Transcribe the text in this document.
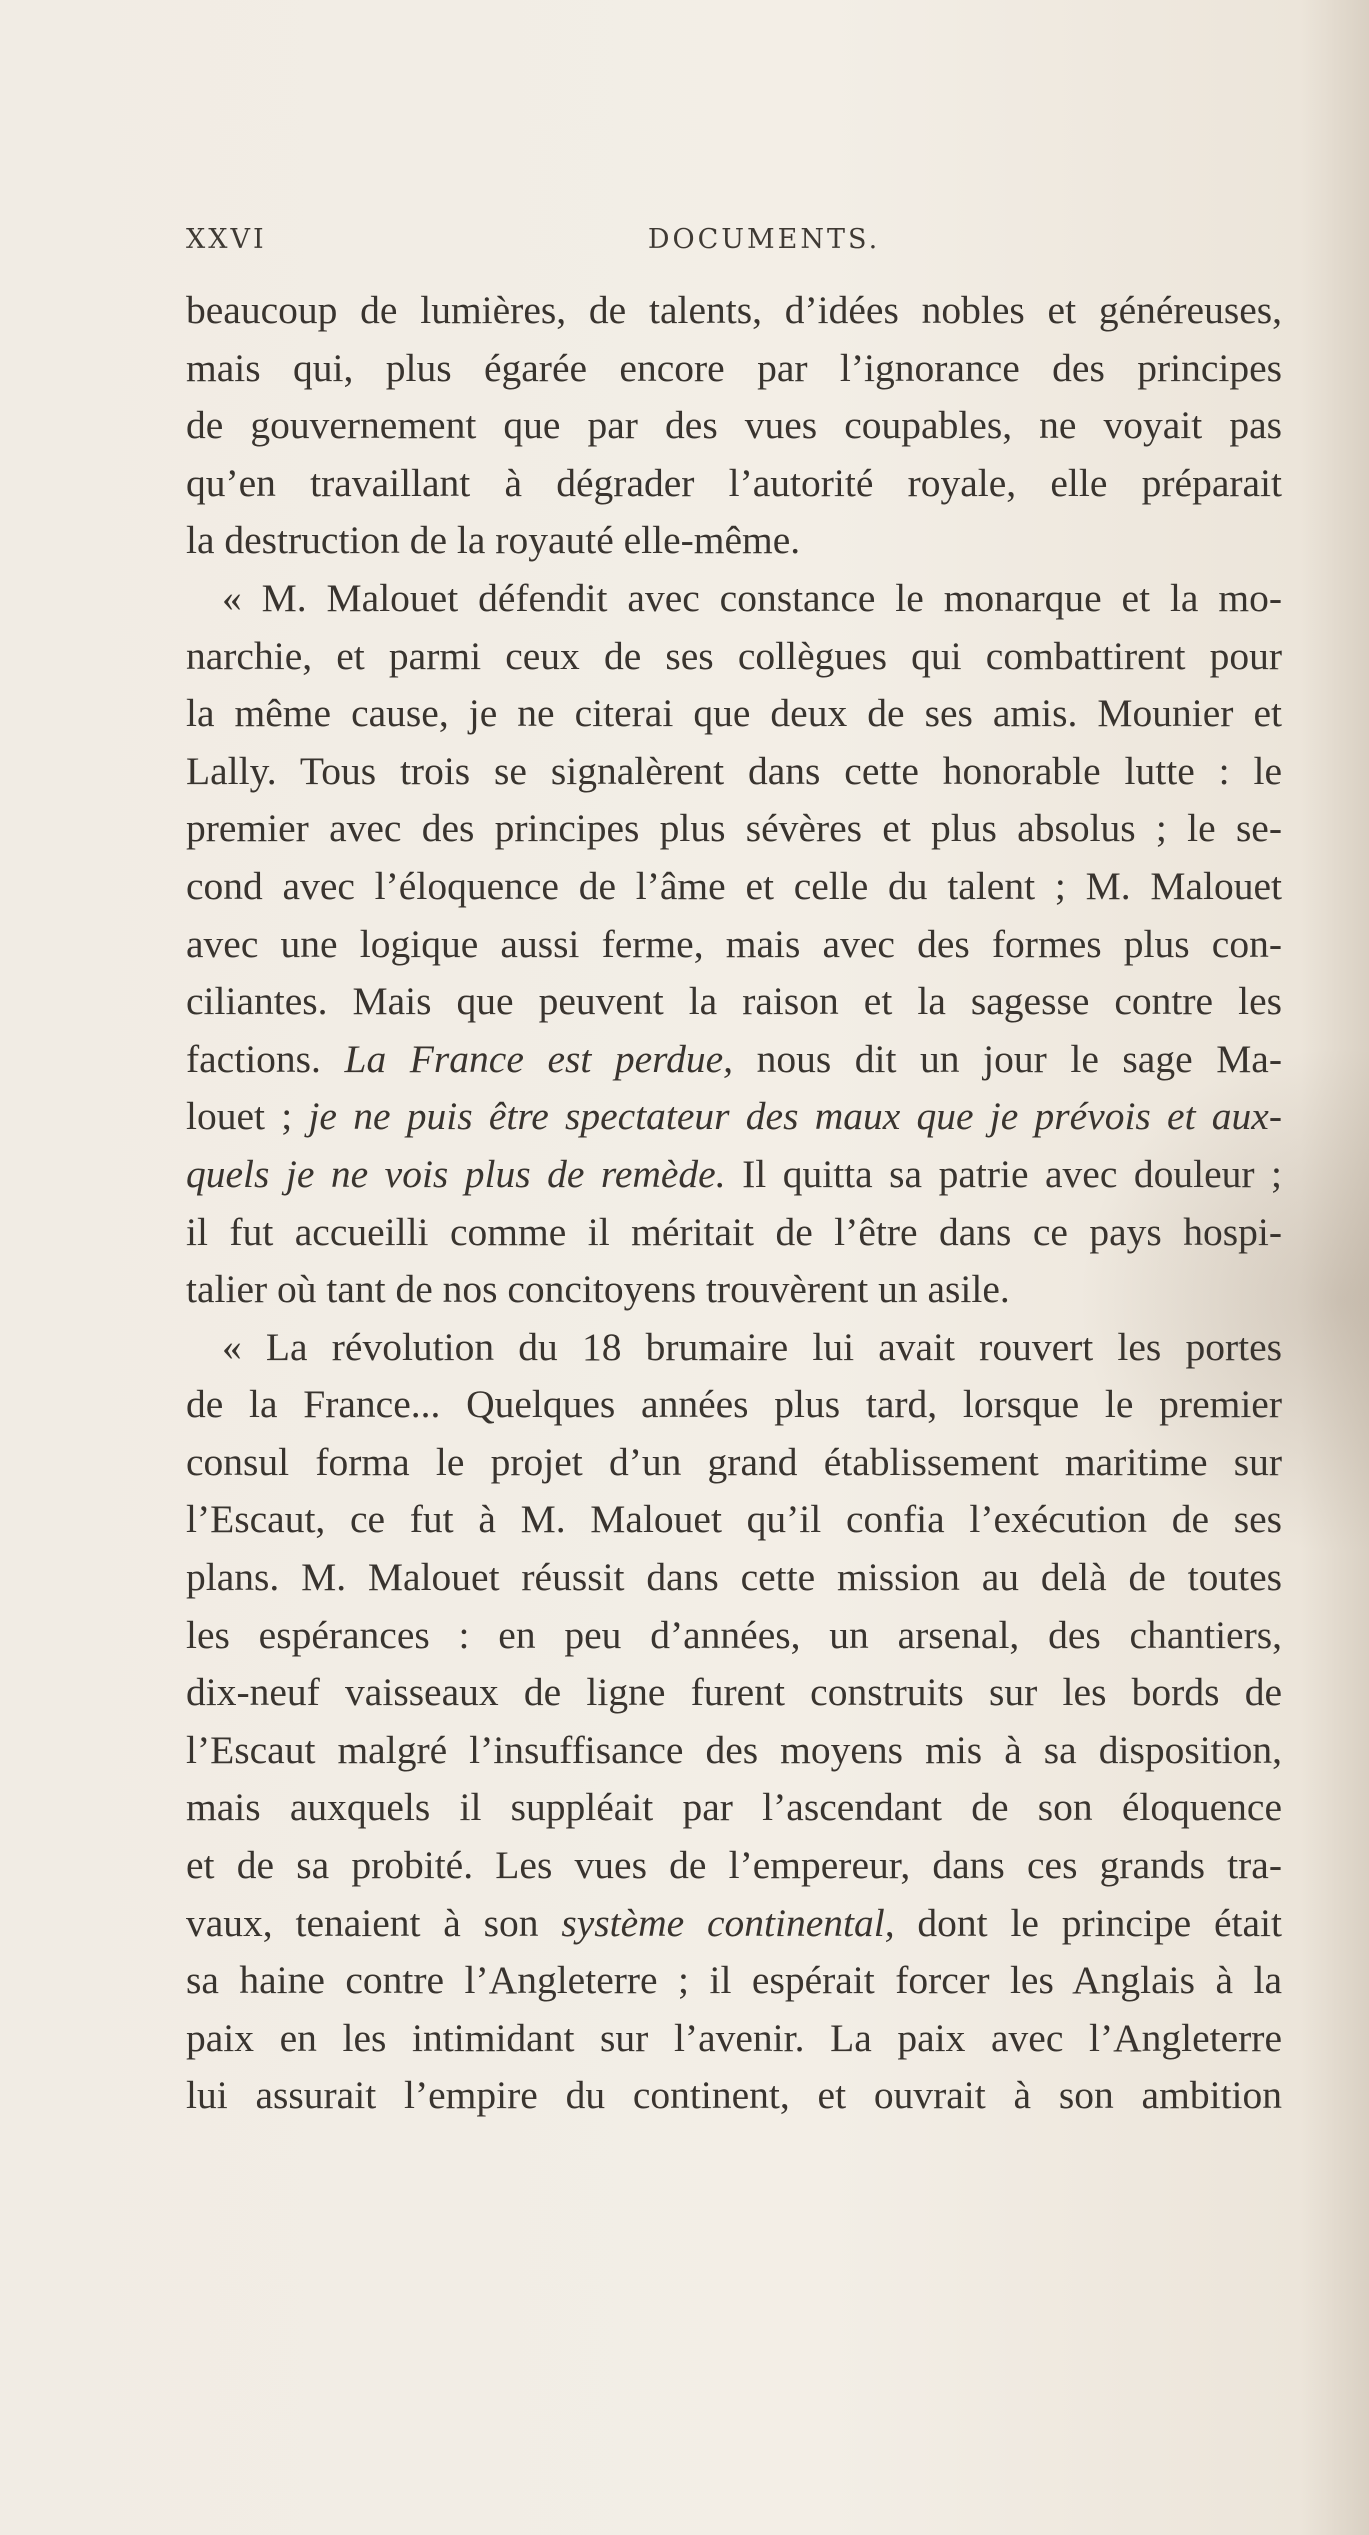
XXVI	DOCUMENTS.
beaucoup de lumières, de talents, d’idées nobles et généreuses,
mais qui, plus égarée encore par l’ignorance des principes
de gouvernement que par des vues coupables, ne voyait pas
qu’en travaillant à dégrader l’autorité royale, elle préparait
la destruction de la royauté elle-même.
« M. Malouet défendit avec constance le monarque et la mo-
narchie, et parmi ceux de ses collègues qui combattirent pour
la même cause, je ne citerai que deux de ses amis. Mounier et
Lally. Tous trois se signalèrent dans cette honorable lutte : le
premier avec des principes plus sévères et plus absolus ; le se-
cond avec l’éloquence de l’âme et celle du talent ; M. Malouet
avec une logique aussi ferme, mais avec des formes plus con-
ciliantes. Mais que peuvent la raison et la sagesse contre les
factions. La France est perdue, nous dit un jour le sage Ma-
louet ; je ne puis être spectateur des maux que je prévois et aux-
quels je ne vois plus de remède. Il quitta sa patrie avec douleur ;
il fut accueilli comme il méritait de l’être dans ce pays hospi-
talier où tant de nos concitoyens trouvèrent un asile.
« La révolution du 18 brumaire lui avait rouvert les portes
de la France... Quelques années plus tard, lorsque le premier
consul forma le projet d’un grand établissement maritime sur
l’Escaut, ce fut à M. Malouet qu’il confia l’exécution de ses
plans. M. Malouet réussit dans cette mission au delà de toutes
les espérances : en peu d’années, un arsenal, des chantiers,
dix-neuf vaisseaux de ligne furent construits sur les bords de
l’Escaut malgré l’insuffisance des moyens mis à sa disposition,
mais auxquels il suppléait par l’ascendant de son éloquence
et de sa probité. Les vues de l’empereur, dans ces grands tra-
vaux, tenaient à son système continental, dont le principe était
sa haine contre l’Angleterre ; il espérait forcer les Anglais à la
paix en les intimidant sur l’avenir. La paix avec l’Angleterre
lui assurait l’empire du continent, et ouvrait à son ambition
